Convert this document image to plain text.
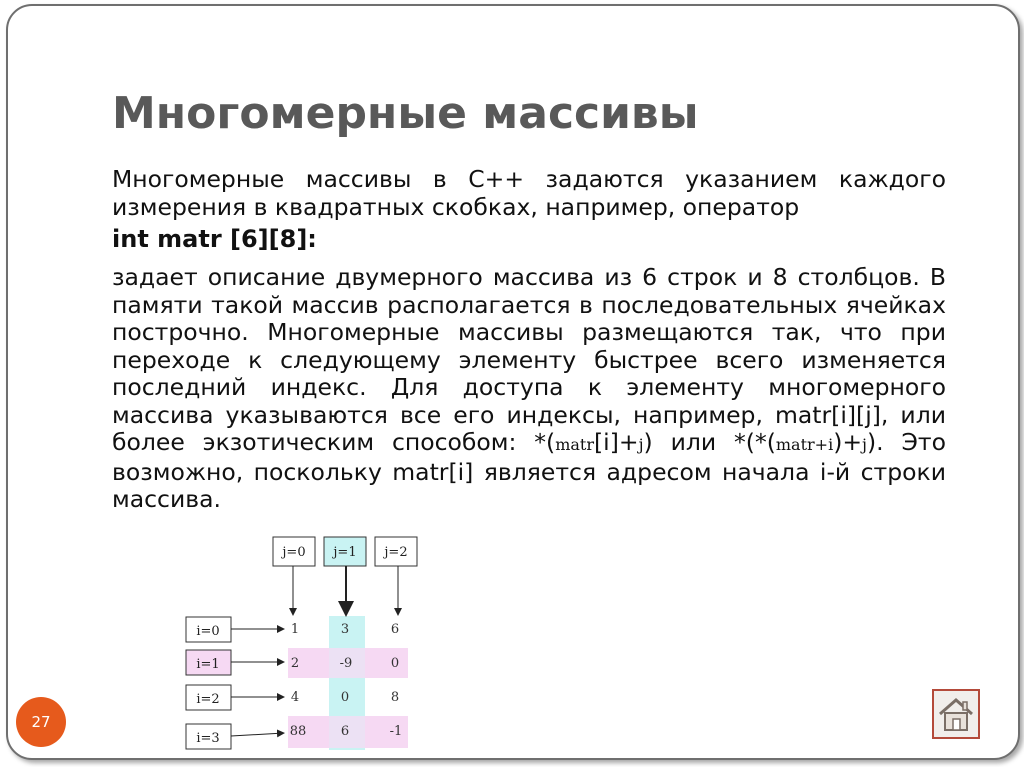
Многомерные массивы
Многомерные массивы в С++ задаются указанием каждого измерения в квадратных скобках, например, оператор
int matr [6][8]:
задает описание двумерного массива из 6 строк и 8 столбцов. В памяти такой массив располагается в последовательных ячейках построчно. Многомерные массивы размещаются так, что при переходе к следующему элементу быстрее всего изменяется последний индекс. Для доступа к элементу многомерного массива указываются все его индексы, например, matr[i][j], или более экзотическим способом: *(matr[i]+j) или *(*(matr+i)+j). Это возможно, поскольку matr[i] является адресом начала i-й строки массива.
j=0 j=1 j=2
i=0
i=1
i=2
i=3
1	3	6
2	-9	0
4	0	8
88	6	-1
27
